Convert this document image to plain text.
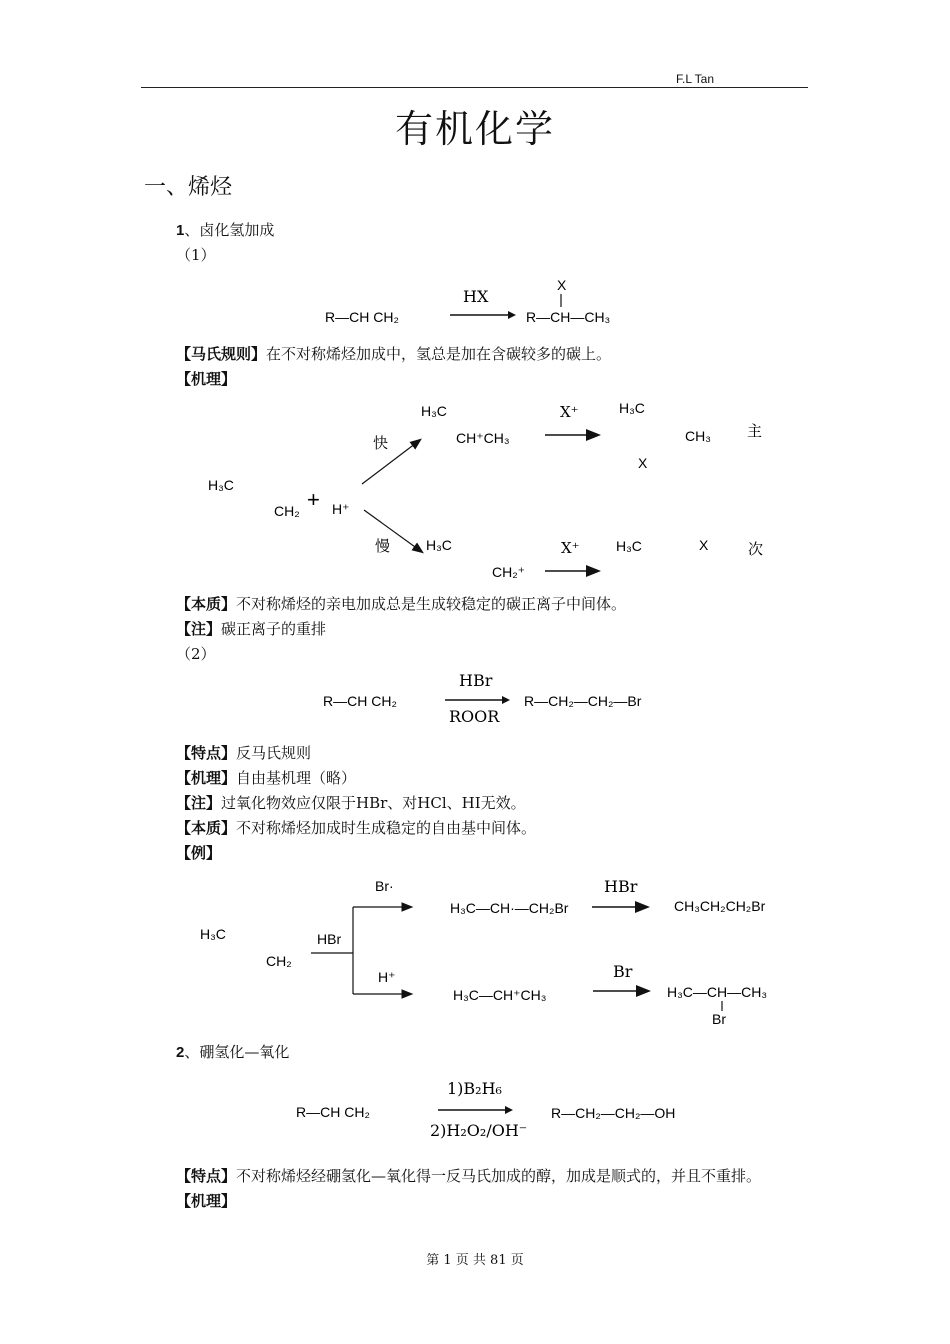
F.L Tan
有机化学
一、烯烃
1、卤化氢加成
（1）
R—CH CH₂
HX
X
R—CH—CH₃
【马氏规则】在不对称烯烃加成中，氢总是加在含碳较多的碳上。
【机理】
H₃C
CH₂ + H⁺
快
慢
H₃C
CH⁺CH₃
X⁺	H₃C
CH₃
X
主
H₃C
CH₂⁺
X⁺	H₃C	X	次
【本质】不对称烯烃的亲电加成总是生成较稳定的碳正离子中间体。
【注】碳正离子的重排
（2）
R—CH CH₂
HBr
ROOR
R—CH₂—CH₂—Br
【特点】反马氏规则
【机理】自由基机理（略）
【注】过氧化物效应仅限于HBr、对HCl、HI无效。
【本质】不对称烯烃加成时生成稳定的自由基中间体。
【例】
H₃C
CH₂
HBr
Br·
H⁺
H₃C—CH·—CH₂Br
HBr
CH₃CH₂CH₂Br
H₃C—CH⁺CH₃
Br
H₃C—CH—CH₃
Br
2、硼氢化—氧化
R—CH CH₂
1)B₂H₆
2)H₂O₂/OH⁻
R—CH₂—CH₂—OH
【特点】不对称烯烃经硼氢化—氧化得一反马氏加成的醇，加成是顺式的，并且不重排。
【机理】
第 1 页 共 81 页
